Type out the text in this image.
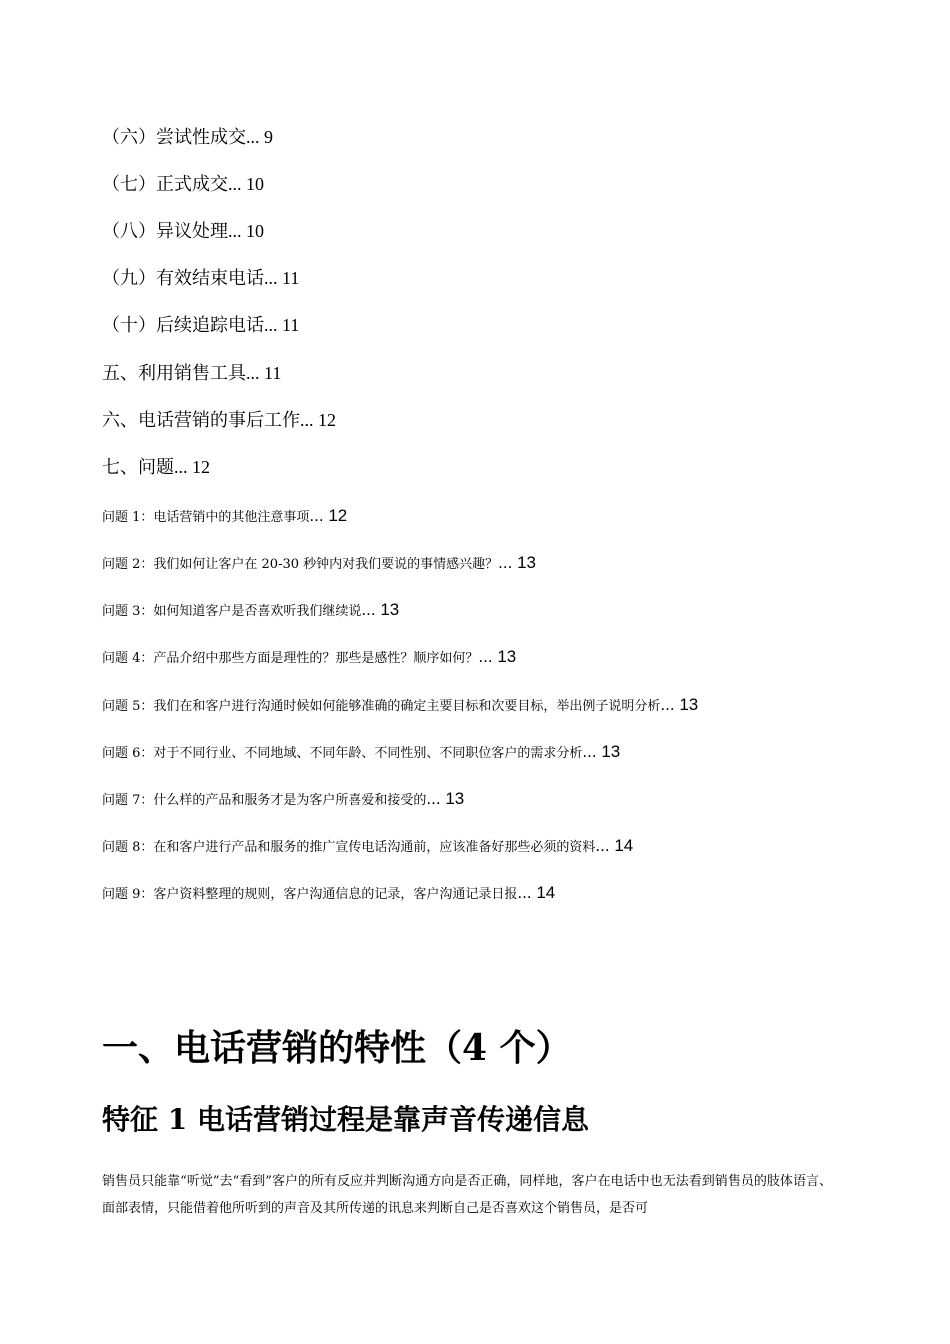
（六）尝试性成交... 9
（七）正式成交... 10
（八）异议处理... 10
（九）有效结束电话... 11
（十）后续追踪电话... 11
五、利用销售工具... 11
六、电话营销的事后工作... 12
七、问题... 12
问题 1：电话营销中的其他注意事项... 12
问题 2：我们如何让客户在 20-30 秒钟内对我们要说的事情感兴趣？... 13
问题 3：如何知道客户是否喜欢听我们继续说... 13
问题 4：产品介绍中那些方面是理性的？那些是感性？顺序如何？... 13
问题 5：我们在和客户进行沟通时候如何能够准确的确定主要目标和次要目标，举出例子说明分析... 13
问题 6：对于不同行业、不同地域、不同年龄、不同性别、不同职位客户的需求分析... 13
问题 7：什么样的产品和服务才是为客户所喜爱和接受的... 13
问题 8：在和客户进行产品和服务的推广宣传电话沟通前，应该准备好那些必须的资料... 14
问题 9：客户资料整理的规则，客户沟通信息的记录，客户沟通记录日报... 14
一、电话营销的特性（4 个）
特征 1 电话营销过程是靠声音传递信息
销售员只能靠“听觉”去“看到”客户的所有反应并判断沟通方向是否正确，同样地，客户在电话中也无法看到销售员的肢体语言、面部表情，只能借着他所听到的声音及其所传递的讯息来判断自己是否喜欢这个销售员，是否可
